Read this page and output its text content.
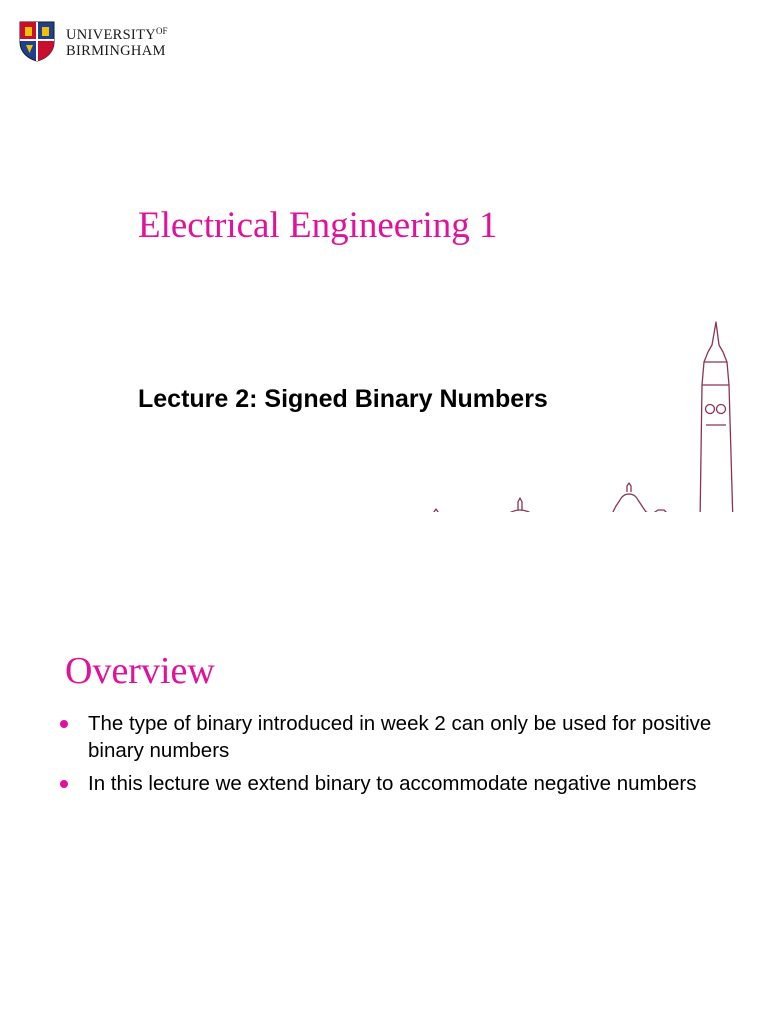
$UNIVERSITY^{OF}$
BIRMINGHAM
Electrical Engineering 1
Lecture 2: Signed Binary Numbers
Overview
The type of binary introduced in week 2 can only be used for positive binary numbers
In this lecture we extend binary to accommodate negative numbers
